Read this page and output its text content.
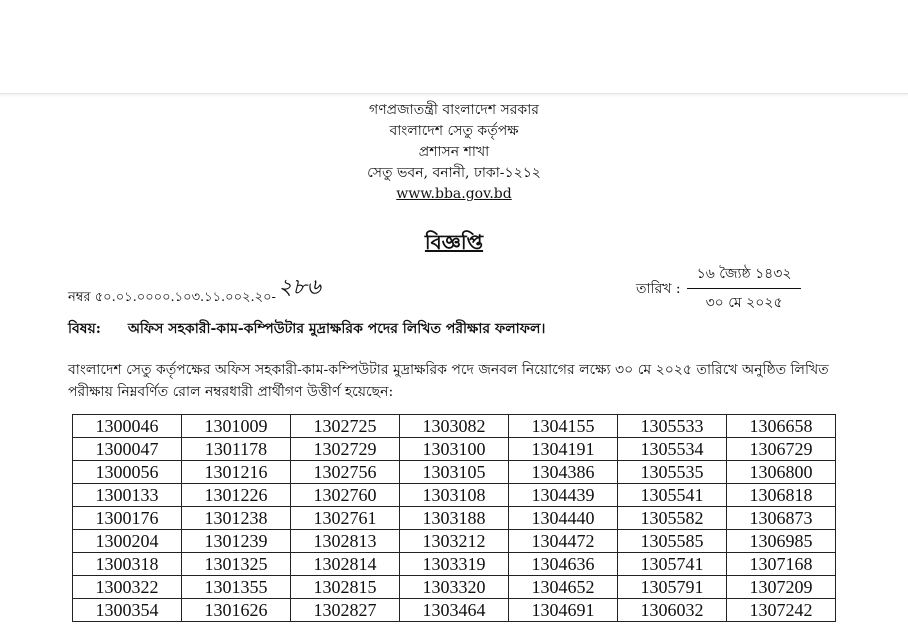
গণপ্রজাতন্ত্রী বাংলাদেশ সরকার
বাংলাদেশ সেতু কর্তৃপক্ষ
প্রশাসন শাখা
সেতু ভবন, বনানী, ঢাকা-১২১২
www.bba.gov.bd
বিজ্ঞপ্তি
নম্বর ৫০.০১.০০০০.১০৩.১১.০০২.২০- ২৮৬	তারিখ : $\frac{\text{১৬ জ্যৈষ্ঠ ১৪৩২}}{\text{৩০ মে ২০২৫}}$
বিষয়: অফিস সহকারী-কাম-কম্পিউটার মুদ্রাক্ষরিক পদের লিখিত পরীক্ষার ফলাফল।
বাংলাদেশ সেতু কর্তৃপক্ষের অফিস সহকারী-কাম-কম্পিউটার মুদ্রাক্ষরিক পদে জনবল নিয়োগের লক্ষ্যে ৩০ মে ২০২৫ তারিখে অনুষ্ঠিত লিখিত পরীক্ষায় নিম্নবর্ণিত রোল নম্বরধারী প্রার্থীগণ উত্তীর্ণ হয়েছেন:
1300046	1301009	1302725	1303082	1304155	1305533	1306658
1300047	1301178	1302729	1303100	1304191	1305534	1306729
1300056	1301216	1302756	1303105	1304386	1305535	1306800
1300133	1301226	1302760	1303108	1304439	1305541	1306818
1300176	1301238	1302761	1303188	1304440	1305582	1306873
1300204	1301239	1302813	1303212	1304472	1305585	1306985
1300318	1301325	1302814	1303319	1304636	1305741	1307168
1300322	1301355	1302815	1303320	1304652	1305791	1307209
1300354	1301626	1302827	1303464	1304691	1306032	1307242
